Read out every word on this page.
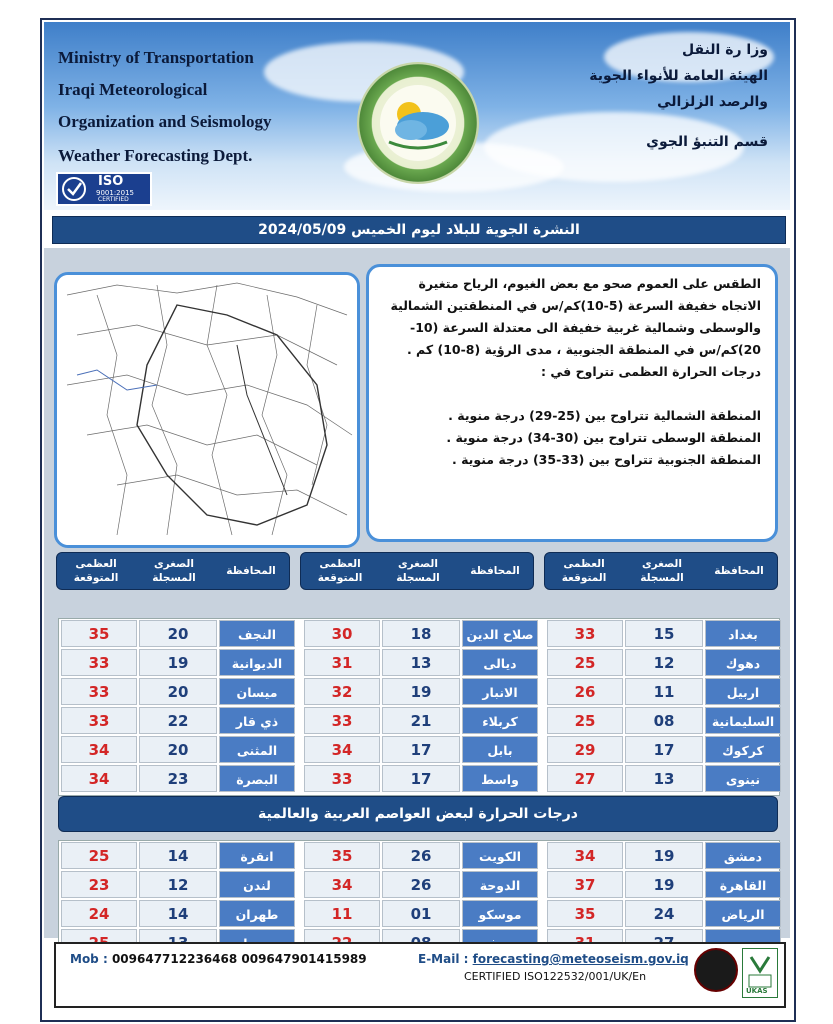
Ministry of Transportation
Iraqi Meteorological
Organization and Seismology
Weather Forecasting Dept.
وزا رة النقل
الهيئة العامة للأنواء الجوية
والرصد الزلزالي
قسم التنبؤ الجوي
ISO
9001:2015
CERTIFIED
النشرة الجوية للبلاد ليوم الخميس 2024/05/09

الطقس على العموم صحو مع بعض الغيوم، الرياح متغيرة الاتجاه خفيفة السرعة (5-10)كم/س في المنطقتين الشمالية والوسطى وشمالية غربية خفيفة الى معتدلة السرعة (10-20)كم/س في المنطقة الجنوبية ، مدى الرؤية (8-10) كم .

درجات الحرارة العظمى تتراوح في :

المنطقة الشمالية تتراوح بين (25-29) درجة منوية .

المنطقة الوسطى تتراوح بين (30-34) درجة منوية .

المنطقة الجنوبية تتراوح بين (33-35) درجة منوية .

المحافظة
الصغرى المسجلة
العظمى المتوقعة
المحافظة
الصغرى المسجلة
العظمى المتوقعة
المحافظة
الصغرى المسجلة
العظمى المتوقعة
بغداد
15
33
صلاح الدين
18
30
النجف
20
35
دهوك
12
25
ديالى
13
31
الديوانية
19
33
اربيل
11
26
الانبار
19
32
ميسان
20
33
السليمانية
08
25
كربلاء
21
33
ذي قار
22
33
كركوك
17
29
بابل
17
34
المثنى
20
34
نينوى
13
27
واسط
17
33
البصرة
23
34
درجات الحرارة لبعض العواصم العربية والعالمية
دمشق
19
34
الكويت
26
35
انقرة
14
25
القاهرة
19
37
الدوحة
26
34
لندن
12
23
الرياض
24
35
موسكو
01
11
طهران
14
24
Mob : 009647712236468 009647901415989	E-Mail : forecasting@meteoseism.gov.iq
CERTIFIED ISO122532/001/UK/En
UKAS
